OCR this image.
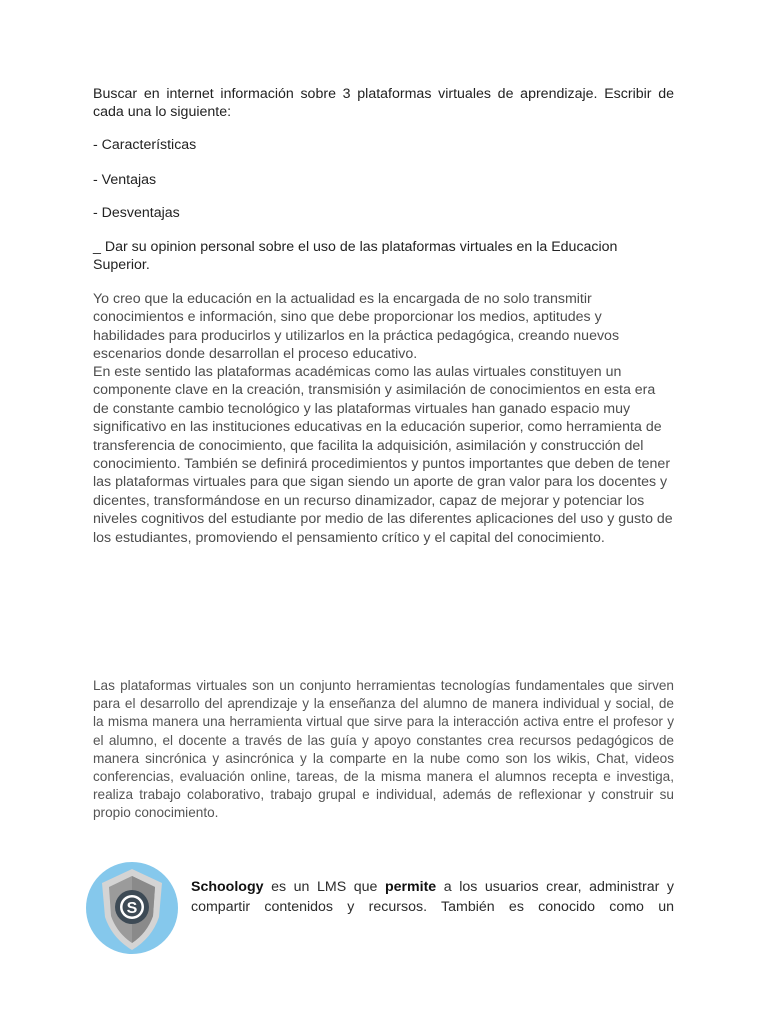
Buscar en internet información sobre 3 plataformas virtuales de aprendizaje. Escribir de cada una lo siguiente:

- Características

- Ventajas

- Desventajas

_ Dar su opinion personal sobre el uso de las plataformas virtuales en la Educacion Superior.

Yo creo que la educación en la actualidad es la encargada de no solo transmitir conocimientos e información, sino que debe proporcionar los medios, aptitudes y habilidades para producirlos y utilizarlos en la práctica pedagógica, creando nuevos escenarios donde desarrollan el proceso educativo.

En este sentido las plataformas académicas como las aulas virtuales constituyen un componente clave en la creación, transmisión y asimilación de conocimientos en esta era de constante cambio tecnológico y las plataformas virtuales han ganado espacio muy significativo en las instituciones educativas en la educación superior, como herramienta de transferencia de conocimiento, que facilita la adquisición, asimilación y construcción del conocimiento. También se definirá procedimientos y puntos importantes que deben de tener las plataformas virtuales para que sigan siendo un aporte de gran valor para los docentes y dicentes, transformándose en un recurso dinamizador, capaz de mejorar y potenciar los niveles cognitivos del estudiante por medio de las diferentes aplicaciones del uso y gusto de los estudiantes, promoviendo el pensamiento crítico y el capital del conocimiento.

Las plataformas virtuales son un conjunto herramientas tecnologías fundamentales que sirven para el desarrollo del aprendizaje y la enseñanza del alumno de manera individual y social, de la misma manera una herramienta virtual que sirve para la interacción activa entre el profesor y el alumno, el docente a través de las guía y apoyo constantes crea recursos pedagógicos de manera sincrónica y asincrónica y la comparte en la nube como son los wikis, Chat, videos conferencias, evaluación online, tareas, de la misma manera el alumnos recepta e investiga, realiza trabajo colaborativo, trabajo grupal e individual, además de reflexionar y construir su propio conocimiento.

S

Schoology es un LMS que permite a los usuarios crear, administrar y compartir contenidos y recursos. También es conocido como un
